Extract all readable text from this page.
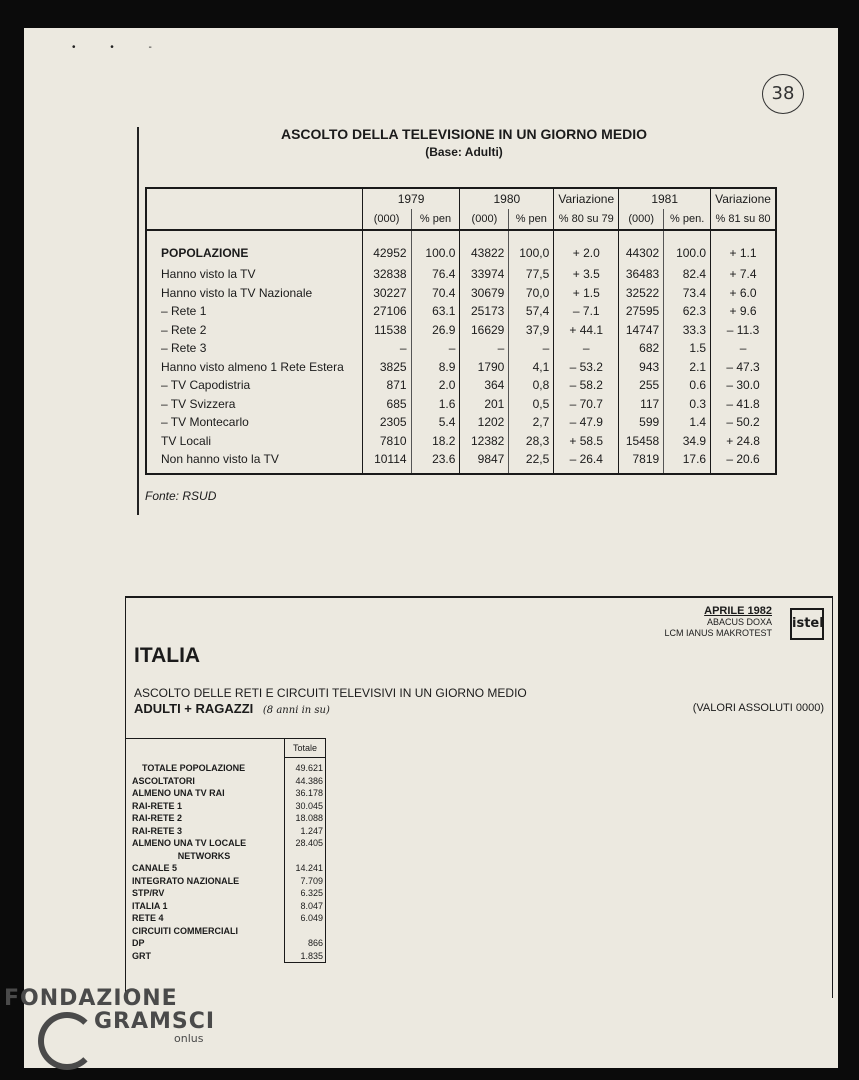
• • -
38
ASCOLTO DELLA TELEVISIONE IN UN GIORNO MEDIO
(Base: Adulti)
	1979		1980		Variazione	1981		Variazione
	(000)	% pen	(000)	% pen	% 80 su 79	(000)	% pen.	% 81 su 80
POPOLAZIONE	42952	100.0	43822	100,0	+ 2.0	44302	100.0	+ 1.1
Hanno visto la TV	32838	76.4	33974	77,5	+ 3.5	36483	82.4	+ 7.4
Hanno visto la TV Nazionale	30227	70.4	30679	70,0	+ 1.5	32522	73.4	+ 6.0
– Rete 1	27106	63.1	25173	57,4	– 7.1	27595	62.3	+ 9.6
– Rete 2	11538	26.9	16629	37,9	+ 44.1	14747	33.3	– 11.3
– Rete 3	–	–	–	–	–	682	1.5	–
Hanno visto almeno 1 Rete Estera	3825	8.9	1790	4,1	– 53.2	943	2.1	– 47.3
– TV Capodistria	871	2.0	364	0,8	– 58.2	255	0.6	– 30.0
– TV Svizzera	685	1.6	201	0,5	– 70.7	117	0.3	– 41.8
– TV Montecarlo	2305	5.4	1202	2,7	– 47.9	599	1.4	– 50.2
TV Locali	7810	18.2	12382	28,3	+ 58.5	15458	34.9	+ 24.8
Non hanno visto la TV	10114	23.6	9847	22,5	– 26.4	7819	17.6	– 20.6
Fonte: RSUD
APRILE 1982
ABACUS DOXA
LCM IANUS MAKROTEST
istel
ITALIA
ASCOLTO DELLE RETI E CIRCUITI TELEVISIVI IN UN GIORNO MEDIO
ADULTI + RAGAZZI (8 anni in su)	(VALORI ASSOLUTI 0000)
	Totale

TOTALE POPOLAZIONE	49.621
ASCOLTATORI	44.386
ALMENO UNA TV RAI	36.178
RAI-RETE 1	30.045
RAI-RETE 2	18.088
RAI-RETE 3	1.247
ALMENO UNA TV LOCALE	28.405
NETWORKS	
CANALE 5	14.241
INTEGRATO NAZIONALE	7.709
STP/RV	6.325
ITALIA 1	8.047
RETE 4	6.049
CIRCUITI COMMERCIALI	
DP	866
GRT	1.835
FONDAZIONE
GRAMSCI
onlus
